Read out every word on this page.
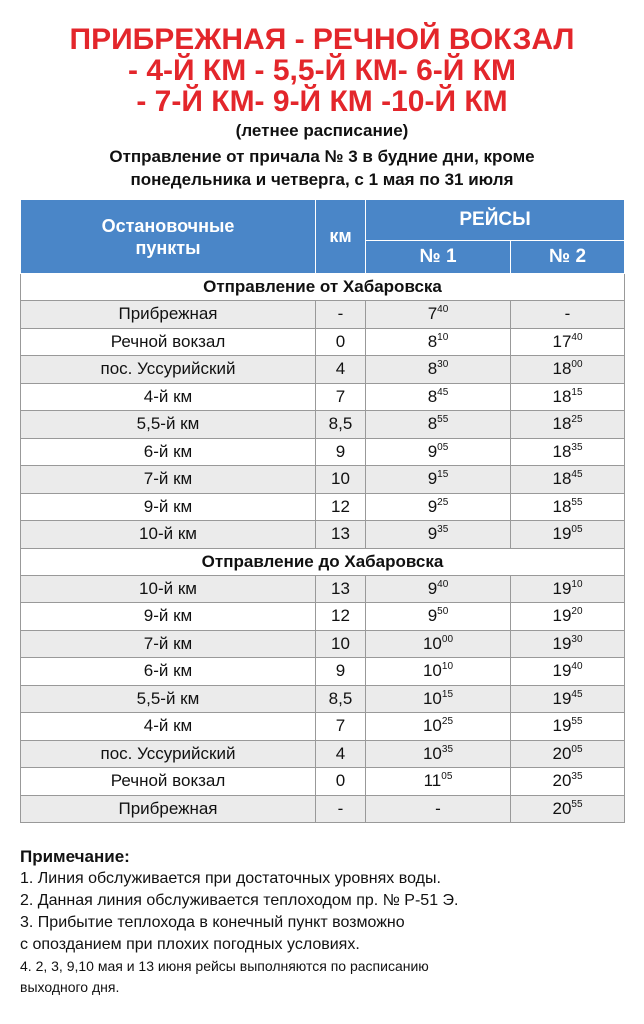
ПРИБРЕЖНАЯ - РЕЧНОЙ ВОКЗАЛ
- 4-Й КМ - 5,5-Й КМ- 6-Й КМ
- 7-Й КМ- 9-Й КМ -10-Й КМ
(летнее расписание)
Отправление от причала № 3 в будние дни, кроме
понедельника и четверга, с 1 мая по 31 июля
Остановочные
пункты	км	РЕЙСЫ	
		№ 1	№ 2
Отправление от Хабаровска			
Прибрежная	-	$7^{40}$	-
Речной вокзал	0	$8^{10}$	$17^{40}$
пос. Уссурийский	4	$8^{30}$	$18^{00}$
4-й км	7	$8^{45}$	$18^{15}$
5,5-й км	8,5	$8^{55}$	$18^{25}$
6-й км	9	$9^{05}$	$18^{35}$
7-й км	10	$9^{15}$	$18^{45}$
9-й км	12	$9^{25}$	$18^{55}$
10-й км	13	$9^{35}$	$19^{05}$
Отправление до Хабаровска			
10-й км	13	$9^{40}$	$19^{10}$
9-й км	12	$9^{50}$	$19^{20}$
7-й км	10	$10^{00}$	$19^{30}$
6-й км	9	$10^{10}$	$19^{40}$
5,5-й км	8,5	$10^{15}$	$19^{45}$
4-й км	7	$10^{25}$	$19^{55}$
пос. Уссурийский	4	$10^{35}$	$20^{05}$
Речной вокзал	0	$11^{05}$	$20^{35}$
Прибрежная	-	-	$20^{55}$
Примечание:
1. Линия обслуживается при достаточных уровнях воды.
2. Данная линия обслуживается теплоходом пр. № Р-51 Э.
3. Прибытие теплохода в конечный пункт возможно
с опозданием при плохих погодных условиях.
4. 2, 3, 9,10 мая и 13 июня рейсы выполняются по расписанию
выходного дня.
